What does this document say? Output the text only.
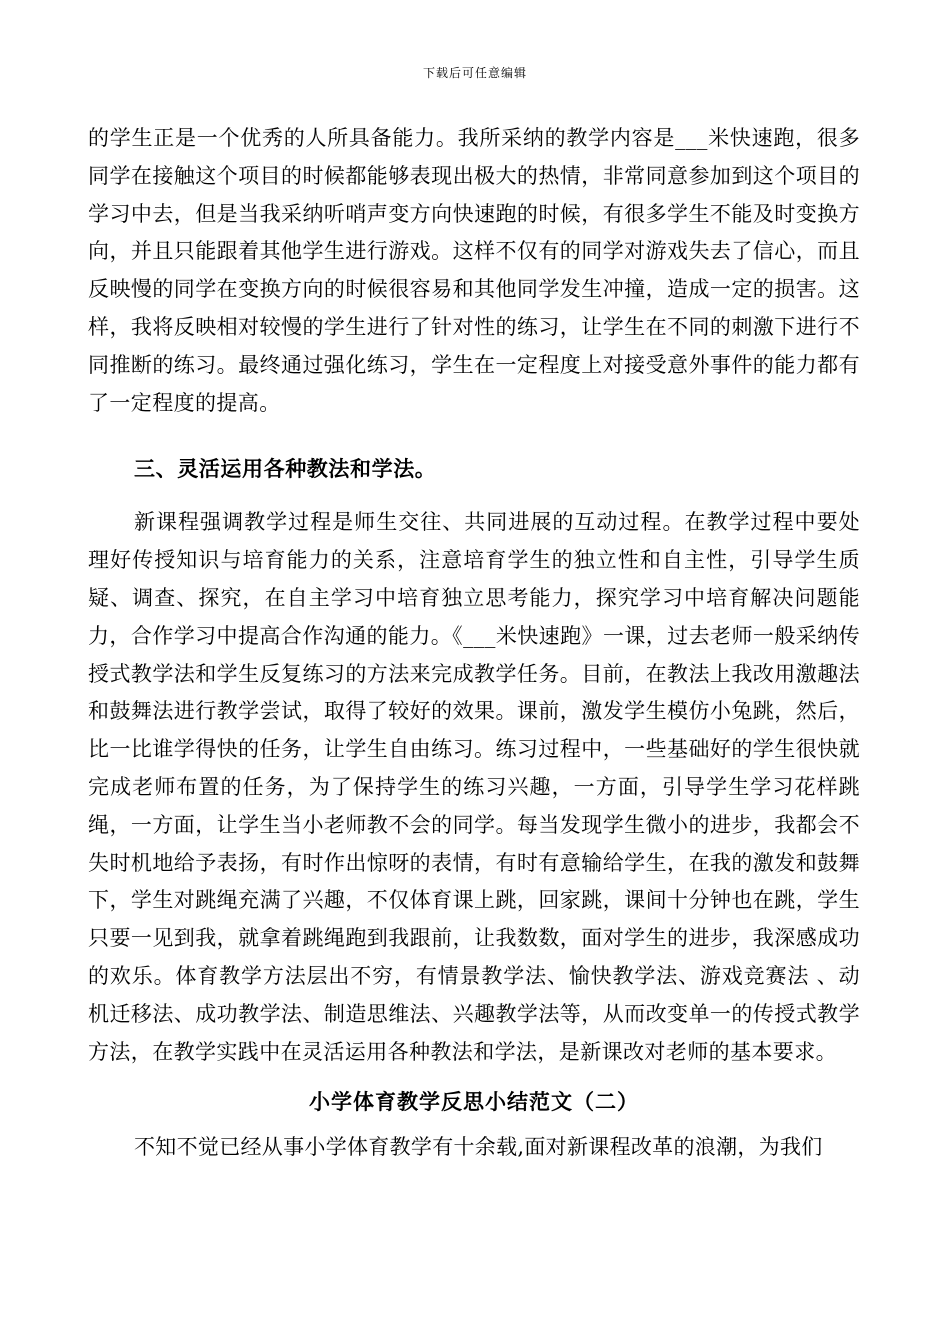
下载后可任意编辑

的学生正是一个优秀的人所具备能力。我所采纳的教学内容是___米快速跑，很多同学在接触这个项目的时候都能够表现出极大的热情，非常同意参加到这个项目的学习中去，但是当我采纳听哨声变方向快速跑的时候，有很多学生不能及时变换方向，并且只能跟着其他学生进行游戏。这样不仅有的同学对游戏失去了信心，而且反映慢的同学在变换方向的时候很容易和其他同学发生冲撞，造成一定的损害。这样，我将反映相对较慢的学生进行了针对性的练习，让学生在不同的刺激下进行不同推断的练习。最终通过强化练习，学生在一定程度上对接受意外事件的能力都有了一定程度的提高。

三、灵活运用各种教法和学法。

新课程强调教学过程是师生交往、共同进展的互动过程。在教学过程中要处理好传授知识与培育能力的关系，注意培育学生的独立性和自主性，引导学生质疑、调查、探究，在自主学习中培育独立思考能力，探究学习中培育解决问题能力，合作学习中提高合作沟通的能力。《___米快速跑》一课，过去老师一般采纳传授式教学法和学生反复练习的方法来完成教学任务。目前，在教法上我改用激趣法和鼓舞法进行教学尝试，取得了较好的效果。课前，激发学生模仿小兔跳，然后，比一比谁学得快的任务，让学生自由练习。练习过程中，一些基础好的学生很快就完成老师布置的任务，为了保持学生的练习兴趣，一方面，引导学生学习花样跳绳，一方面，让学生当小老师教不会的同学。每当发现学生微小的进步，我都会不失时机地给予表扬，有时作出惊呀的表情，有时有意输给学生，在我的激发和鼓舞下，学生对跳绳充满了兴趣，不仅体育课上跳，回家跳，课间十分钟也在跳，学生只要一见到我，就拿着跳绳跑到我跟前，让我数数，面对学生的进步，我深感成功的欢乐。体育教学方法层出不穷，有情景教学法、愉快教学法、游戏竞赛法 、动机迁移法、成功教学法、制造思维法、兴趣教学法等，从而改变单一的传授式教学方法，在教学实践中在灵活运用各种教法和学法，是新课改对老师的基本要求。

小学体育教学反思小结范文（二）

不知不觉已经从事小学体育教学有十余载,面对新课程改革的浪潮，为我们
